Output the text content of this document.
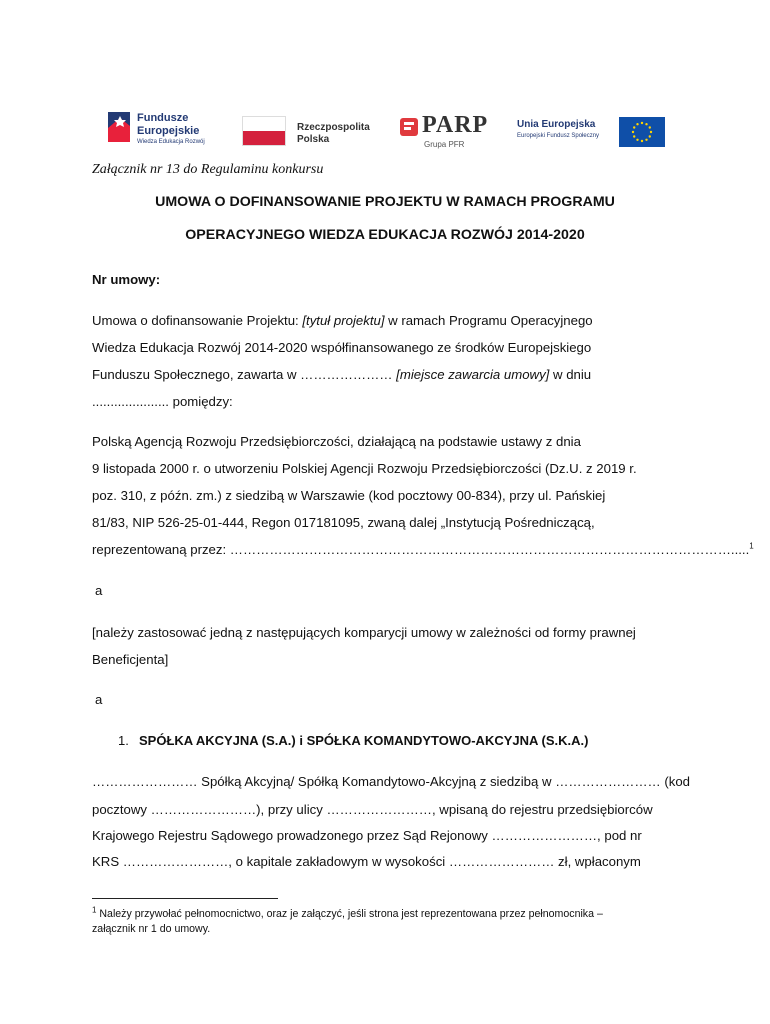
Fundusze
Europejskie
Wiedza Edukacja Rozwój
Rzeczpospolita
Polska
PARP
Grupa PFR
Unia Europejska
Europejski Fundusz Społeczny
Załącznik nr 13 do Regulaminu konkursu
UMOWA O DOFINANSOWANIE PROJEKTU W RAMACH PROGRAMU
OPERACYJNEGO WIEDZA EDUKACJA ROZWÓJ 2014-2020
Nr umowy:
Umowa o dofinansowanie Projektu: [tytuł projektu] w ramach Programu Operacyjnego
Wiedza Edukacja Rozwój 2014-2020 współfinansowanego ze środków Europejskiego
Funduszu Społecznego, zawarta w ………………… [miejsce zawarcia umowy] w dniu
..................... pomiędzy:
Polską Agencją Rozwoju Przedsiębiorczości, działającą na podstawie ustawy z dnia
9 listopada 2000 r. o utworzeniu Polskiej Agencji Rozwoju Przedsiębiorczości (Dz.U. z 2019 r.
poz. 310, z późn. zm.) z siedzibą w Warszawie (kod pocztowy 00-834), przy ul. Pańskiej
81/83, NIP 526-25-01-444, Regon 017181095, zwaną dalej „Instytucją Pośredniczącą,
reprezentowaną przez: …………………………………………………………………………………………………….....$^1$
a
[należy zastosować jedną z następujących komparycji umowy w zależności od formy prawnej
Beneficjenta]
a
1. SPÓŁKA AKCYJNA (S.A.) i SPÓŁKA KOMANDYTOWO-AKCYJNA (S.K.A.)
…………………… Spółką Akcyjną/ Spółką Komandytowo-Akcyjną z siedzibą w …………………… (kod
pocztowy ……………………), przy ulicy ……………………, wpisaną do rejestru przedsiębiorców
Krajowego Rejestru Sądowego prowadzonego przez Sąd Rejonowy ……………………, pod nr
KRS ……………………, o kapitale zakładowym w wysokości …………………… zł, wpłaconym
$^1$ Należy przywołać pełnomocnictwo, oraz je załączyć, jeśli strona jest reprezentowana przez pełnomocnika –
załącznik nr 1 do umowy.
